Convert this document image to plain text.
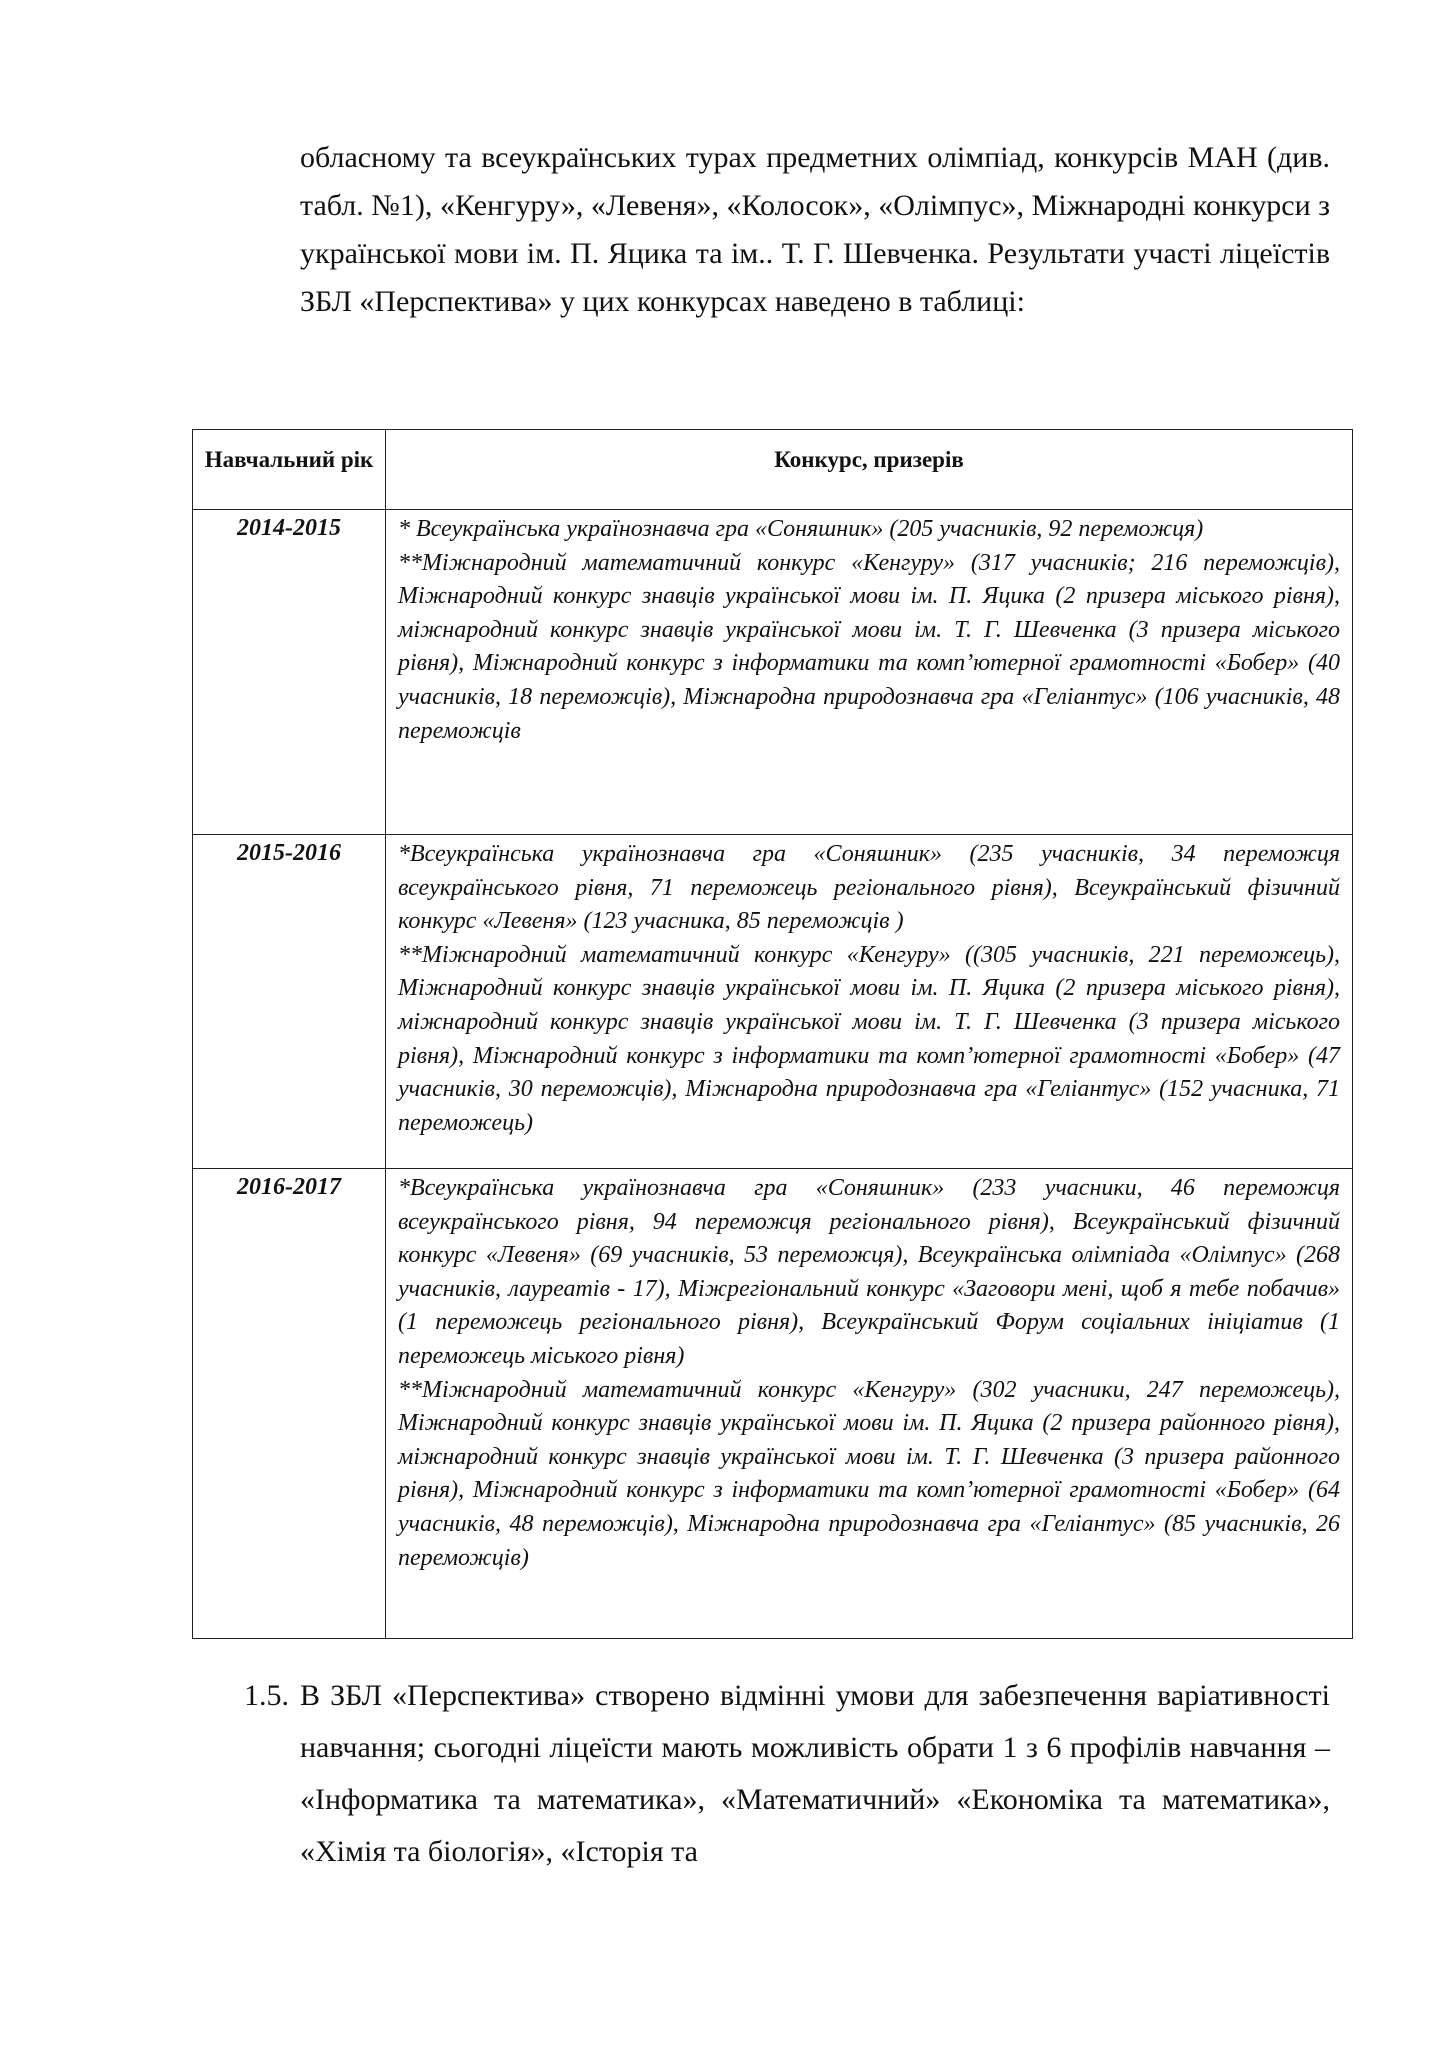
обласному та всеукраїнських турах предметних олімпіад, конкурсів МАН (див. табл. №1), «Кенгуру», «Левеня», «Колосок», «Олімпус», Міжнародні конкурси з української мови ім. П. Яцика та ім.. Т. Г. Шевченка. Результати участі ліцеїстів ЗБЛ «Перспектива» у цих конкурсах наведено в таблиці:

Навчальний рік	Конкурс, призерів
2014-2015	* Всеукраїнська українознавча гра «Соняшник» (205 учасників, 92 переможця)

**Міжнародний математичний конкурс «Кенгуру» (317 учасників; 216 переможців), Міжнародний конкурс знавців української мови ім. П. Яцика (2 призера міського рівня), міжнародний конкурс знавців української мови ім. Т. Г. Шевченка (3 призера міського рівня), Міжнародний конкурс з інформатики та комп’ютерної грамотності «Бобер» (40 учасників, 18 переможців), Міжнародна природознавча гра «Геліантус» (106 учасників, 48 переможців

2015-2016	*Всеукраїнська українознавча гра «Соняшник» (235 учасників, 34 переможця всеукраїнського рівня, 71 переможець регіонального рівня), Всеукраїнський фізичний конкурс «Левеня» (123 учасника, 85 переможців )

**Міжнародний математичний конкурс «Кенгуру» ((305 учасників, 221 переможець), Міжнародний конкурс знавців української мови ім. П. Яцика (2 призера міського рівня), міжнародний конкурс знавців української мови ім. Т. Г. Шевченка (3 призера міського рівня), Міжнародний конкурс з інформатики та комп’ютерної грамотності «Бобер» (47 учасників, 30 переможців), Міжнародна природознавча гра «Геліантус» (152 учасника, 71 переможець)

2016-2017	*Всеукраїнська українознавча гра «Соняшник» (233 учасники, 46 переможця всеукраїнського рівня, 94 переможця регіонального рівня), Всеукраїнський фізичний конкурс «Левеня» (69 учасників, 53 переможця), Всеукраїнська олімпіада «Олімпус» (268 учасників, лауреатів - 17), Міжрегіональний конкурс «Заговори мені, щоб я тебе побачив» (1 переможець регіонального рівня), Всеукраїнський Форум соціальних ініціатив (1 переможець міського рівня)

**Міжнародний математичний конкурс «Кенгуру» (302 учасники, 247 переможець), Міжнародний конкурс знавців української мови ім. П. Яцика (2 призера районного рівня), міжнародний конкурс знавців української мови ім. Т. Г. Шевченка (3 призера районного рівня), Міжнародний конкурс з інформатики та комп’ютерної грамотності «Бобер» (64 учасників, 48 переможців), Міжнародна природознавча гра «Геліантус» (85 учасників, 26 переможців)

1.5. В ЗБЛ «Перспектива» створено відмінні умови для забезпечення варіативності навчання; сьогодні ліцеїсти мають можливість обрати 1 з 6 профілів навчання – «Інформатика та математика», «Математичний» «Економіка та математика», «Хімія та біологія», «Історія та
